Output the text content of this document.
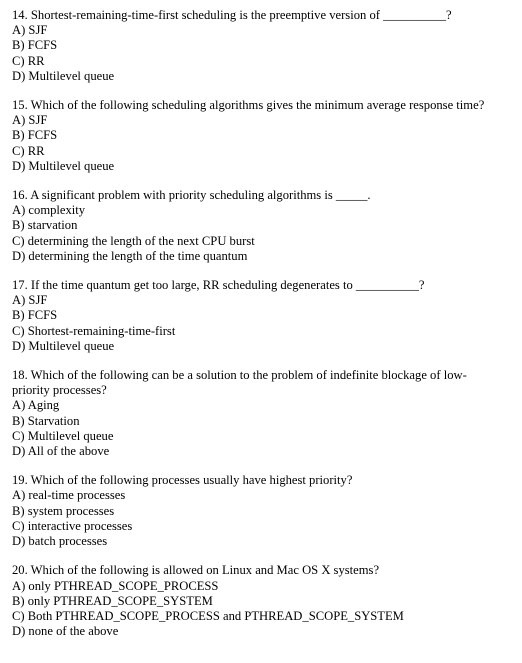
14. Shortest-remaining-time-first scheduling is the preemptive version of __________?

A) SJF

B) FCFS

C) RR

D) Multilevel queue

15. Which of the following scheduling algorithms gives the minimum average response time?

A) SJF

B) FCFS

C) RR

D) Multilevel queue

16. A significant problem with priority scheduling algorithms is _____.

A) complexity

B) starvation

C) determining the length of the next CPU burst

D) determining the length of the time quantum

17. If the time quantum get too large, RR scheduling degenerates to __________?

A) SJF

B) FCFS

C) Shortest-remaining-time-first

D) Multilevel queue

18. Which of the following can be a solution to the problem of indefinite blockage of low-priority processes?

A) Aging

B) Starvation

C) Multilevel queue

D) All of the above

19. Which of the following processes usually have highest priority?

A) real-time processes

B) system processes

C) interactive processes

D) batch processes

20. Which of the following is allowed on Linux and Mac OS X systems?

A) only PTHREAD_SCOPE_PROCESS

B) only PTHREAD_SCOPE_SYSTEM

C) Both PTHREAD_SCOPE_PROCESS and PTHREAD_SCOPE_SYSTEM

D) none of the above
